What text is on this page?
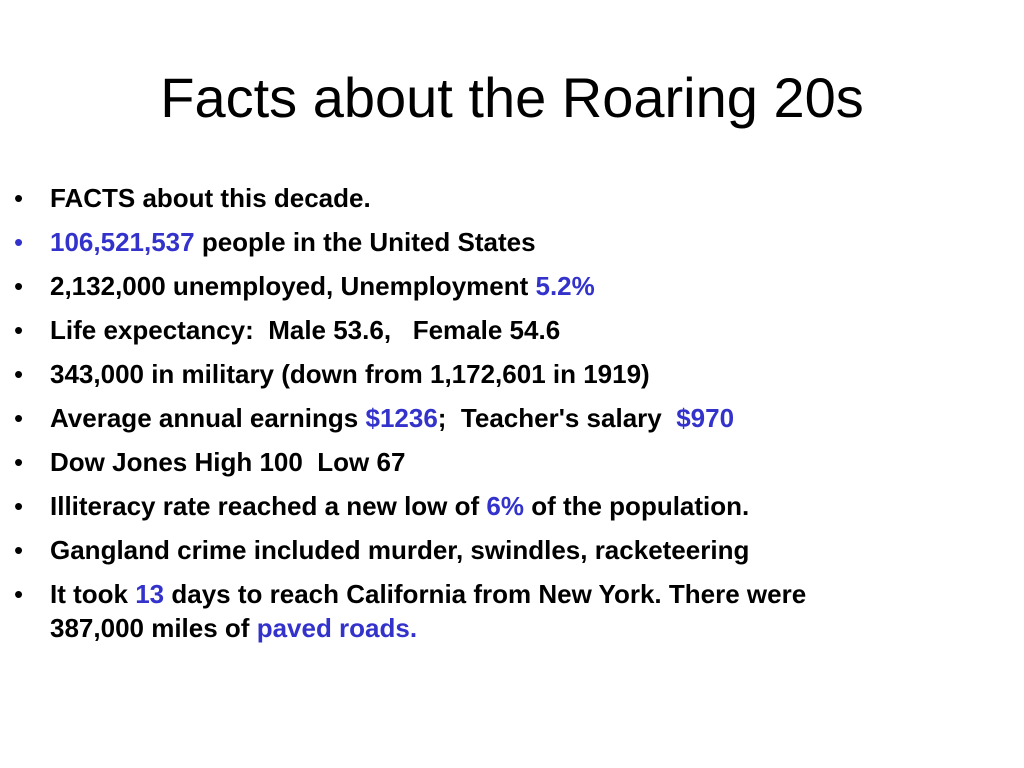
Facts about the Roaring 20s
• FACTS about this decade.
• 106,521,537 people in the United States
• 2,132,000 unemployed, Unemployment 5.2%
• Life expectancy:  Male 53.6,   Female 54.6
• 343,000 in military (down from 1,172,601 in 1919)
• Average annual earnings $1236;  Teacher's salary  $970
• Dow Jones High 100  Low 67
• Illiteracy rate reached a new low of 6% of the population.
• Gangland crime included murder, swindles, racketeering
• It took 13 days to reach California from New York. There were 387,000 miles of paved roads.
